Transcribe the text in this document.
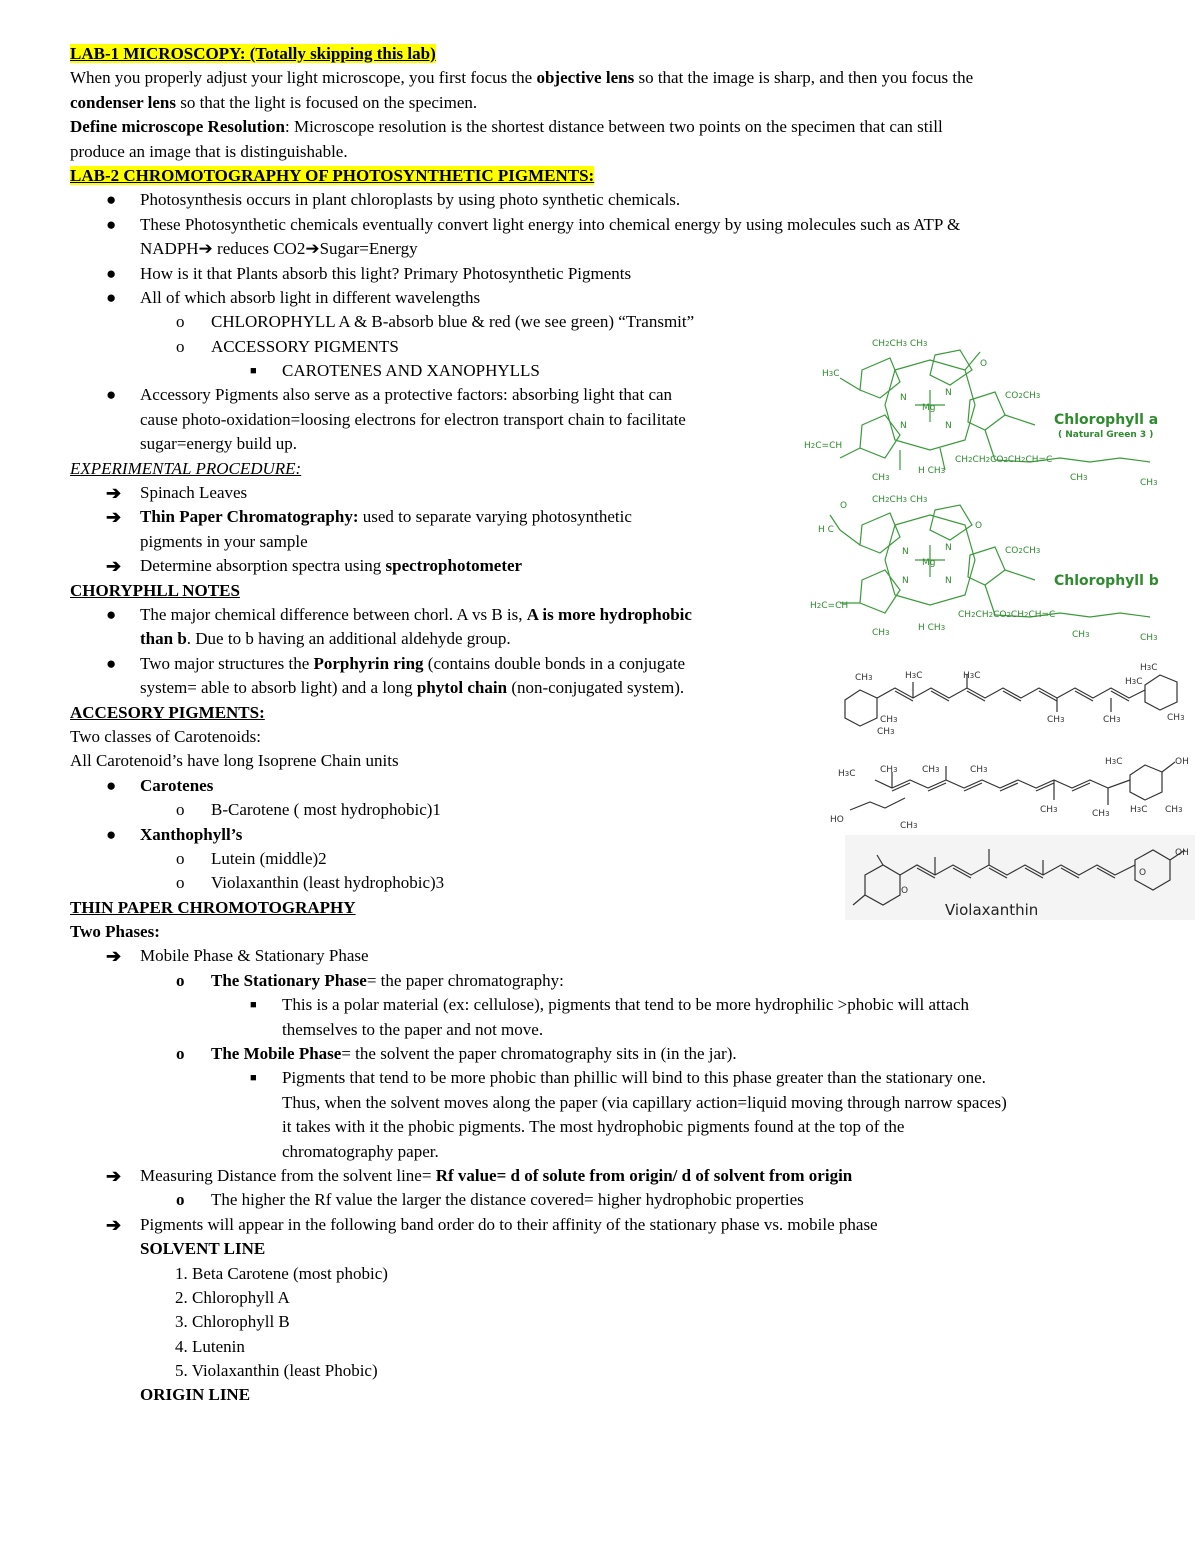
LAB-1 MICROSCOPY: (Totally skipping this lab)
When you properly adjust your light microscope, you first focus the objective lens so that the image is sharp, and then you focus the
condenser lens so that the light is focused on the specimen.
Define microscope Resolution: Microscope resolution is the shortest distance between two points on the specimen that can still
produce an image that is distinguishable.
LAB-2 CHROMOTOGRAPHY OF PHOTOSYNTHETIC PIGMENTS:
● Photosynthesis occurs in plant chloroplasts by using photo synthetic chemicals.
● These Photosynthetic chemicals eventually convert light energy into chemical energy by using molecules such as ATP &
NADPH➔ reduces CO2➔Sugar=Energy
● How is it that Plants absorb this light? Primary Photosynthetic Pigments
● All of which absorb light in different wavelengths
o CHLOROPHYLL A & B-absorb blue & red (we see green) “Transmit”
o ACCESSORY PIGMENTS
■ CAROTENES AND XANOPHYLLS
● Accessory Pigments also serve as a protective factors: absorbing light that can
cause photo-oxidation=loosing electrons for electron transport chain to facilitate
sugar=energy build up.
EXPERIMENTAL PROCEDURE:
➔ Spinach Leaves
➔ Thin Paper Chromatography: used to separate varying photosynthetic
pigments in your sample
➔ Determine absorption spectra using spectrophotometer
CHORYPHLL NOTES
● The major chemical difference between chorl. A vs B is, A is more hydrophobic
than b. Due to b having an additional aldehyde group.
● Two major structures the Porphyrin ring (contains double bonds in a conjugate
system= able to absorb light) and a long phytol chain (non-conjugated system).
ACCESORY PIGMENTS:
Two classes of Carotenoids:
All Carotenoid’s have long Isoprene Chain units
● Carotenes
o B-Carotene ( most hydrophobic)1
● Xanthophyll’s
o Lutein (middle)2
o Violaxanthin (least hydrophobic)3
THIN PAPER CHROMOTOGRAPHY
Two Phases:
➔ Mobile Phase & Stationary Phase
o The Stationary Phase= the paper chromatography:
■ This is a polar material (ex: cellulose), pigments that tend to be more hydrophilic >phobic will attach
themselves to the paper and not move.
o The Mobile Phase= the solvent the paper chromatography sits in (in the jar).
■ Pigments that tend to be more phobic than phillic will bind to this phase greater than the stationary one.
Thus, when the solvent moves along the paper (via capillary action=liquid moving through narrow spaces)
it takes with it the phobic pigments. The most hydrophobic pigments found at the top of the
chromatography paper.
➔ Measuring Distance from the solvent line= Rf value= d of solute from origin/ d of solvent from origin
o The higher the Rf value the larger the distance covered= higher hydrophobic properties
➔ Pigments will appear in the following band order do to their affinity of the stationary phase vs. mobile phase
SOLVENT LINE
1. Beta Carotene (most phobic)
2. Chlorophyll A
3. Chlorophyll B
4. Lutenin
5. Violaxanthin (least Phobic)
ORIGIN LINE
CH2CH3 CH3
H3C
Mg
N	N
N	N
O
CO2CH3
H2C=CH
CH3
H CH3
CH2CH2CO2CH2CH=C
CH3	CH3
Chlorophyll a
( Natural Green 3 )
CH2CH3 CH3
H C
O
Mg
N	N
N	N
O
CO2CH3
H2C=CH
CH3	H CH3
CH2CH2CO2CH2CH=C
CH3	CH3
Chlorophyll b
CH3	H3C	H3C
H3C
H3C
CH3
CH3
CH3	CH3	CH3
H3C	CH3	CH3	CH3
H3C	OH
CH3	CH3 H3C CH3
HO
CH3
O
O
OH
Violaxanthin
